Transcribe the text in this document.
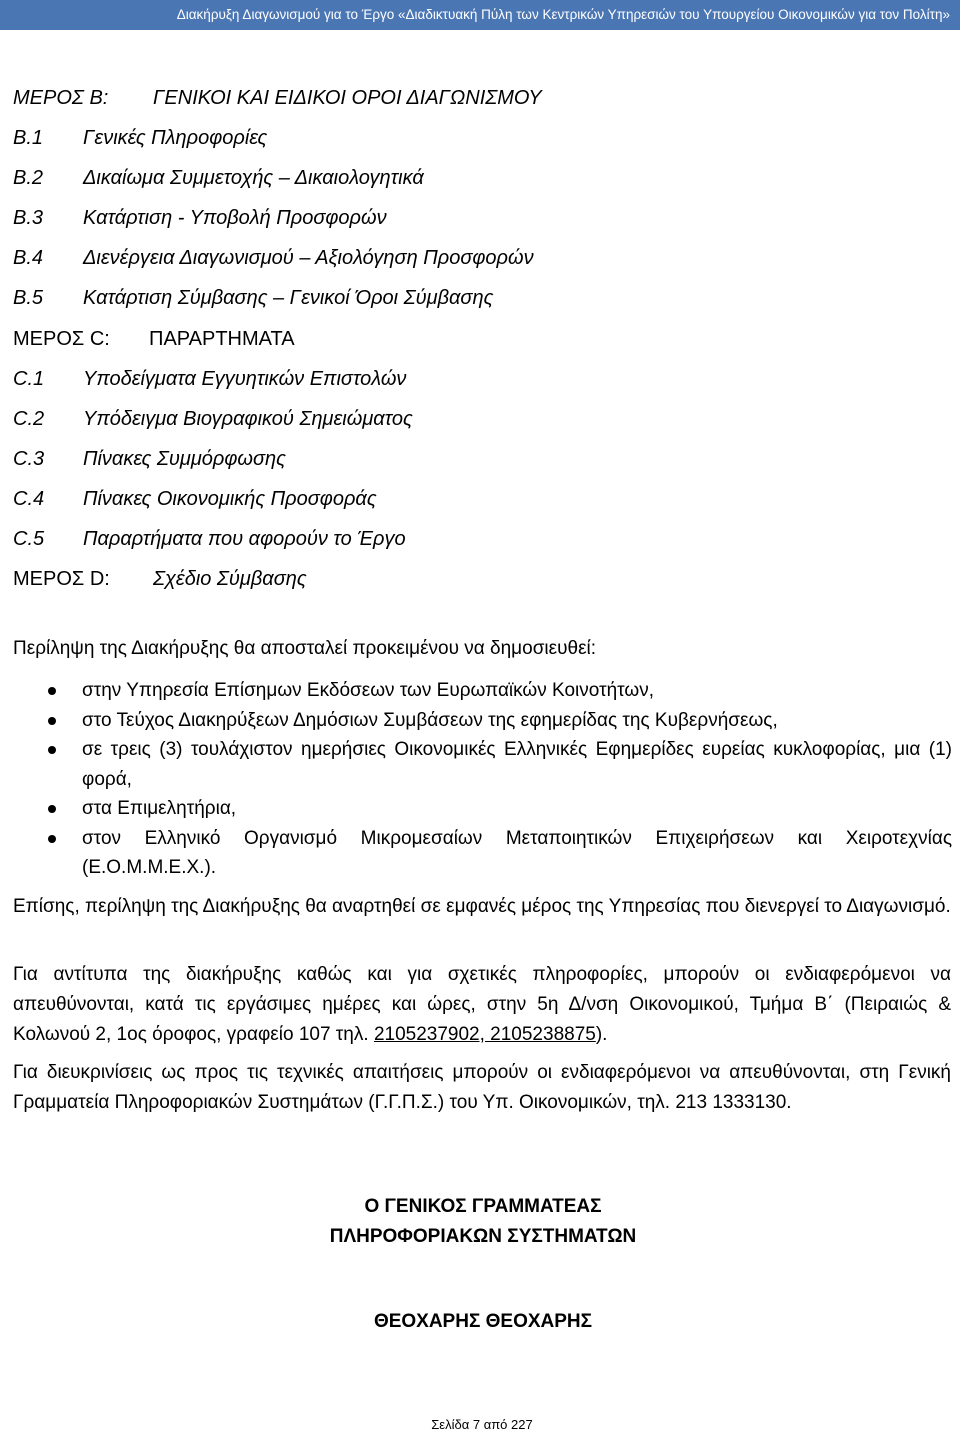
Διακήρυξη Διαγωνισμού για το Έργο «Διαδικτυακή Πύλη των Κεντρικών Υπηρεσιών του Υπουργείου Οικονομικών για τον Πολίτη»
ΜΕΡΟΣ Β: ΓΕΝΙΚΟΙ ΚΑΙ ΕΙΔΙΚΟΙ ΟΡΟΙ ΔΙΑΓΩΝΙΣΜΟΥ
Β.1 Γενικές Πληροφορίες
Β.2 Δικαίωμα Συμμετοχής – Δικαιολογητικά
Β.3 Κατάρτιση - Υποβολή Προσφορών
Β.4 Διενέργεια Διαγωνισμού – Αξιολόγηση Προσφορών
Β.5 Κατάρτιση Σύμβασης – Γενικοί Όροι Σύμβασης
ΜΕΡΟΣ C: ΠΑΡΑΡΤΗΜΑΤΑ
C.1 Υποδείγματα Εγγυητικών Επιστολών
C.2 Υπόδειγμα Βιογραφικού Σημειώματος
C.3 Πίνακες Συμμόρφωσης
C.4 Πίνακες Οικονομικής Προσφοράς
C.5 Παραρτήματα που αφορούν το Έργο
ΜΕΡΟΣ D: Σχέδιο Σύμβασης
Περίληψη της Διακήρυξης θα αποσταλεί προκειμένου να δημοσιευθεί:
στην Υπηρεσία Επίσημων Εκδόσεων των Ευρωπαϊκών Κοινοτήτων,
στο Τεύχος Διακηρύξεων Δημόσιων Συμβάσεων της εφημερίδας της Κυβερνήσεως,
σε τρεις (3) τουλάχιστον ημερήσιες Οικονομικές Ελληνικές Εφημερίδες ευρείας κυκλοφορίας, μια (1) φορά,
στα Επιμελητήρια,
στον Ελληνικό Οργανισμό Μικρομεσαίων Μεταποιητικών Επιχειρήσεων και Χειροτεχνίας (Ε.Ο.Μ.Μ.Ε.Χ.).
Επίσης, περίληψη της Διακήρυξης θα αναρτηθεί σε εμφανές μέρος της Υπηρεσίας που διενεργεί το Διαγωνισμό.
Για αντίτυπα της διακήρυξης καθώς και για σχετικές πληροφορίες, μπορούν οι ενδιαφερόμενοι να απευθύνονται, κατά τις εργάσιμες ημέρες και ώρες, στην 5η Δ/νση Οικονομικού, Τμήμα Β΄ (Πειραιώς & Κολωνού 2, 1ος όροφος, γραφείο 107 τηλ. 2105237902, 2105238875).
Για διευκρινίσεις ως προς τις τεχνικές απαιτήσεις μπορούν οι ενδιαφερόμενοι να απευθύνονται, στη Γενική Γραμματεία Πληροφοριακών Συστημάτων (Γ.Γ.Π.Σ.) του Υπ. Οικονομικών, τηλ. 213 1333130.
Ο ΓΕΝΙΚΟΣ ΓΡΑΜΜΑΤΕΑΣ
ΠΛΗΡΟΦΟΡΙΑΚΩΝ ΣΥΣΤΗΜΑΤΩΝ
ΘΕΟΧΑΡΗΣ ΘΕΟΧΑΡΗΣ
Σελίδα 7 από 227
